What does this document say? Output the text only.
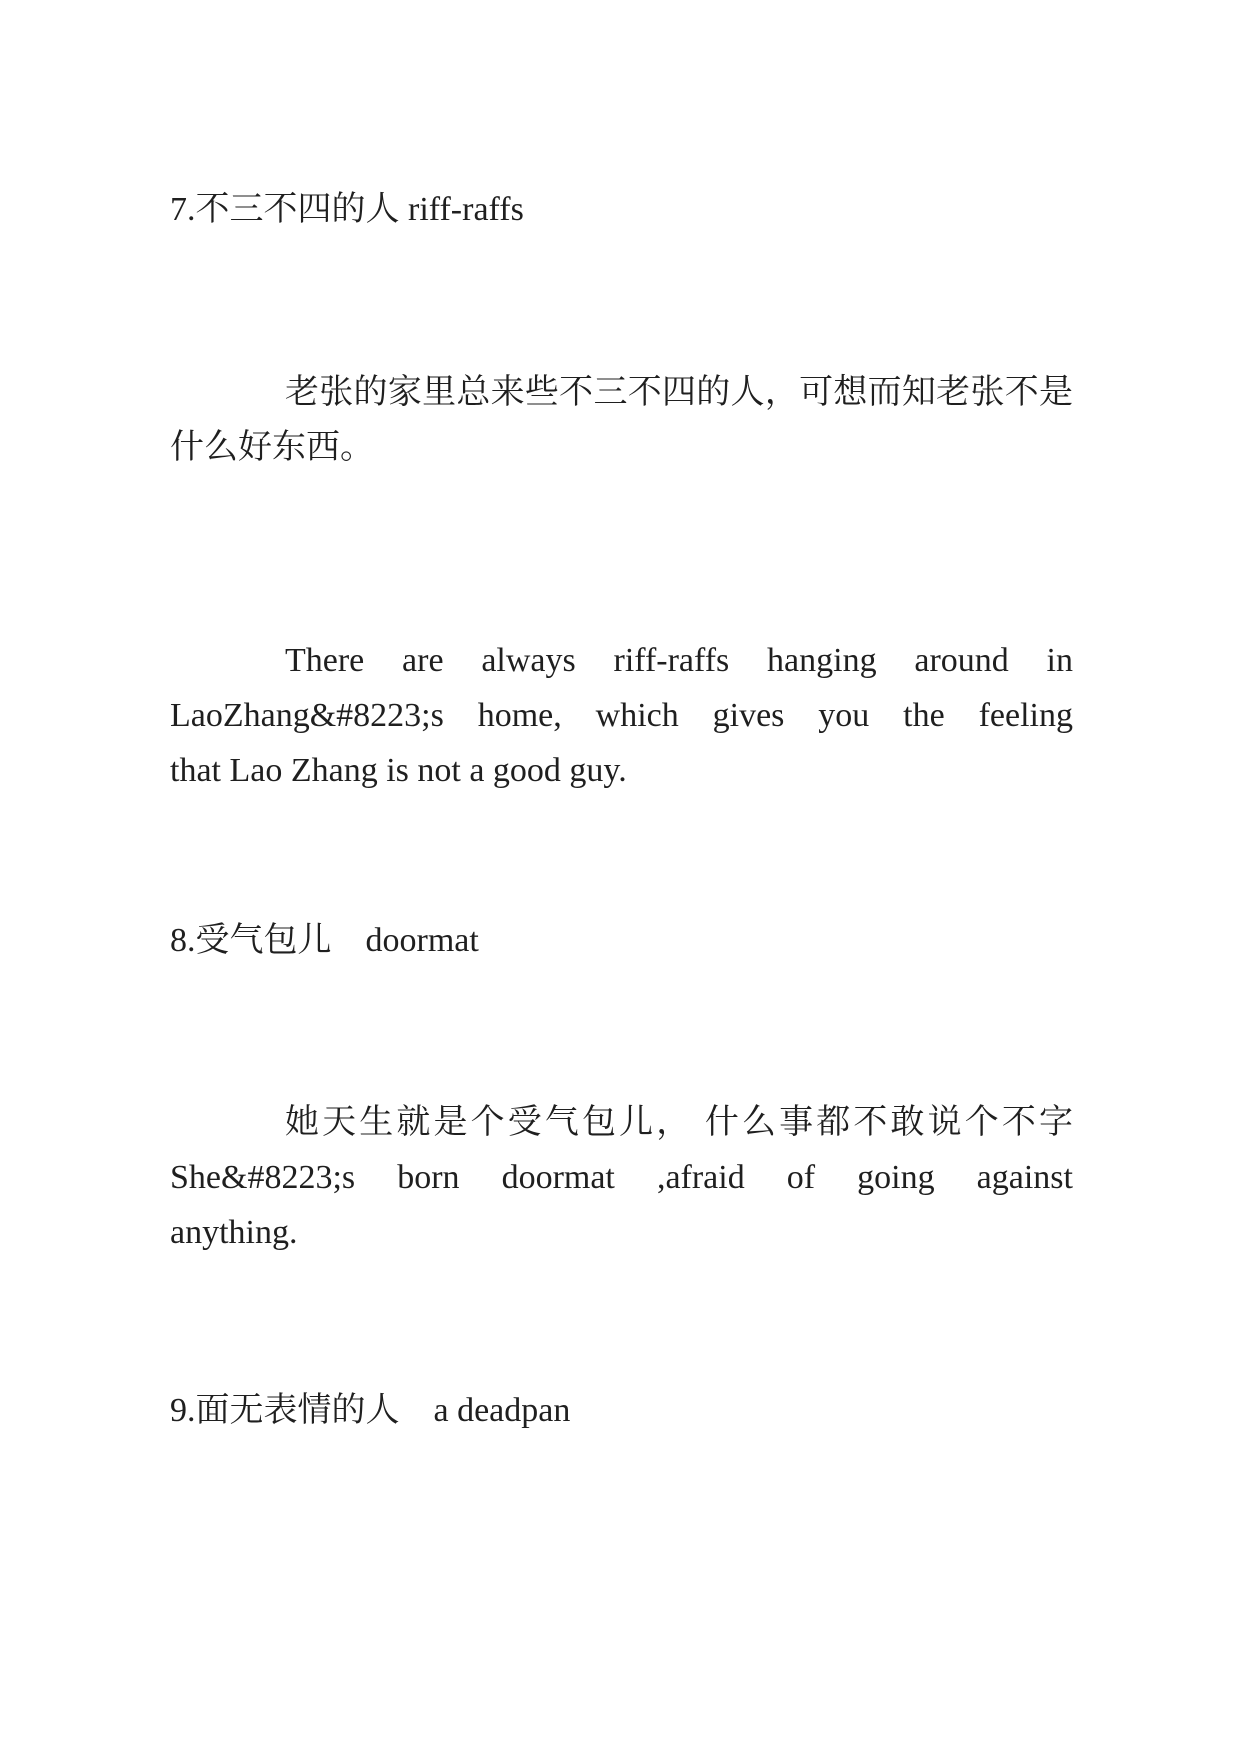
7.不三不四的人 riff-raffs
老张的家里总来些不三不四的人，可想而知老张不是
什么好东西。
There are always riff-raffs hanging around in
LaoZhang&#8223;s home, which gives you the feeling
that Lao Zhang is not a good guy.
8.受气包儿　doormat
她天生就是个受气包儿， 什么事都不敢说个不字
She&#8223;s born doormat ,afraid of going against
anything.
9.面无表情的人　a deadpan
